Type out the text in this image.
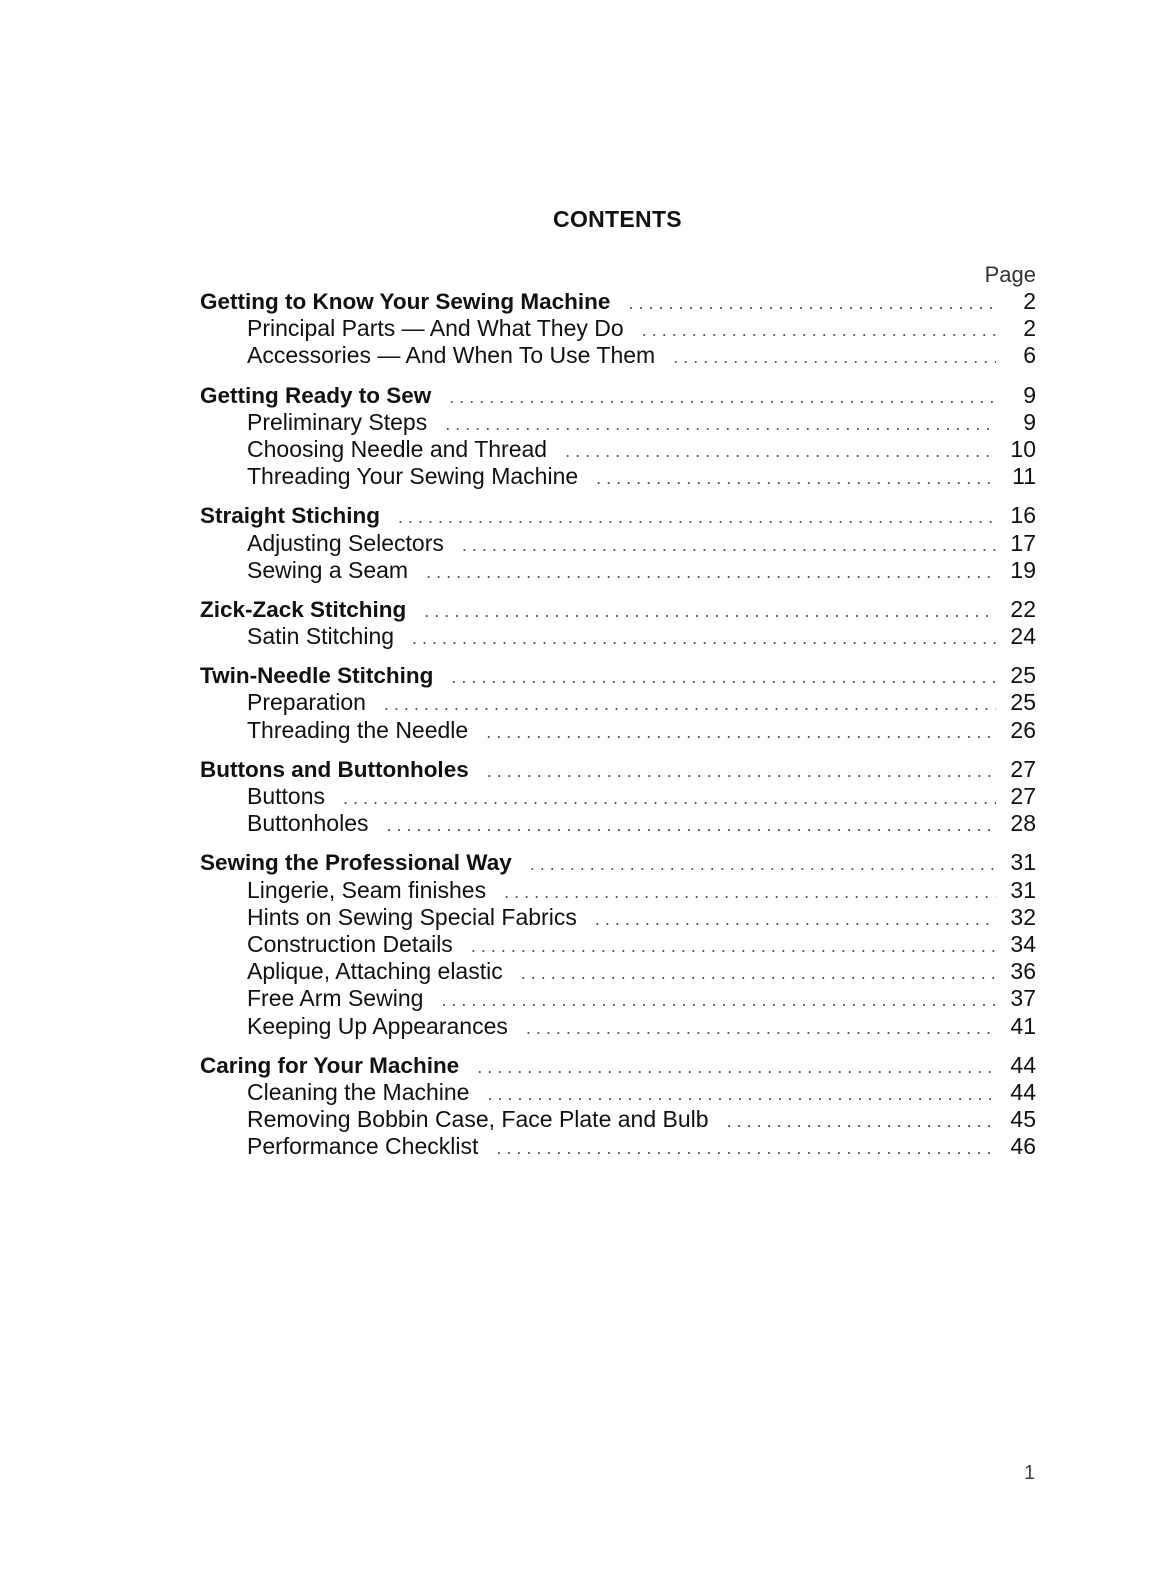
CONTENTS
Page
Getting to Know Your Sewing Machine . . .	2
Principal Parts — And What They Do . . .	2
Accessories — And When To Use Them . . .	6
Getting Ready to Sew . . .	9
Preliminary Steps . . .	9
Choosing Needle and Thread . . .	10
Threading Your Sewing Machine . . .	11
Straight Stiching . . .	16
Adjusting Selectors . . .	17
Sewing a Seam . . .	19
Zick-Zack Stitching . . .	22
Satin Stitching . . .	24
Twin-Needle Stitching . . .	25
Preparation . . .	25
Threading the Needle . . .	26
Buttons and Buttonholes . . .	27
Buttons . . .	27
Buttonholes . . .	28
Sewing the Professional Way . . .	31
Lingerie, Seam finishes . . .	31
Hints on Sewing Special Fabrics . . .	32
Construction Details . . .	34
Aplique, Attaching elastic . . .	36
Free Arm Sewing . . .	37
Keeping Up Appearances . . .	41
Caring for Your Machine . . .	44
Cleaning the Machine . . .	44
Removing Bobbin Case, Face Plate and Bulb . . .	45
Performance Checklist . . .	46
1
